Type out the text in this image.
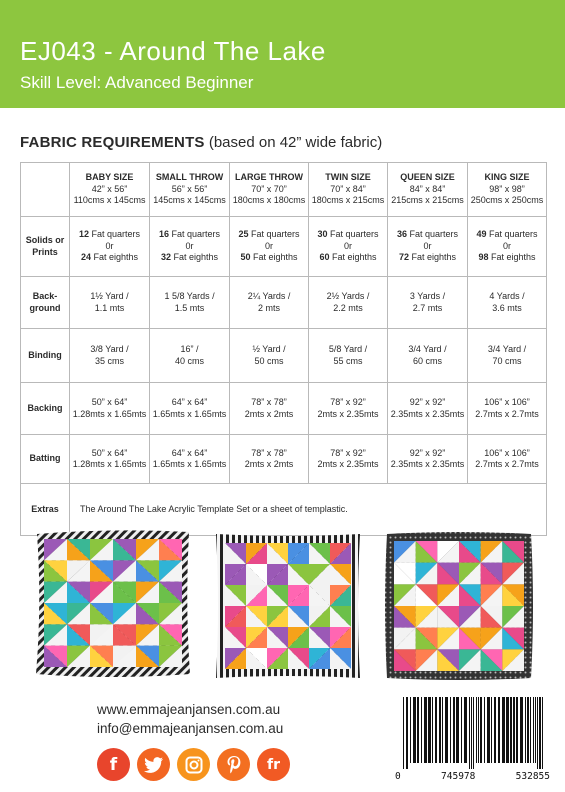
EJ043 - Around The Lake
Skill Level: Advanced Beginner
FABRIC REQUIREMENTS (based on 42” wide fabric)

	BABY SIZE
42” x 56”
110cms x 145cms	SMALL THROW
56” x 56”
145cms x 145cms	LARGE THROW
70” x 70”
180cms x 180cms	TWIN SIZE
70” x 84”
180cms x 215cms	QUEEN SIZE
84” x 84”
215cms x 215cms	KING SIZE
98” x 98”
250cms x 250cms
Solids or Prints	12 Fat quarters
0r
24 Fat eighths	16 Fat quarters
0r
32 Fat eighths	25 Fat quarters
0r
50 Fat eighths	30 Fat quarters
0r
60 Fat eighths	36 Fat quarters
0r
72 Fat eighths	49 Fat quarters
0r
98 Fat eighths
Back-ground	1½ Yard /
1.1 mts	1 5/8 Yards /
1.5 mts	2¼ Yards /
2 mts	2½ Yards /
2.2 mts	3 Yards /
2.7 mts	4 Yards /
3.6 mts
Binding	3/8 Yard /
35 cms	16” /
40 cms	½ Yard /
50 cms	5/8 Yard /
55 cms	3/4 Yard /
60 cms	3/4 Yard /
70 cms
Backing	50” x 64”
1.28mts x 1.65mts	64” x 64”
1.65mts x 1.65mts	78” x 78”
2mts x 2mts	78” x 92”
2mts x 2.35mts	92” x 92”
2.35mts x 2.35mts	106” x 106”
2.7mts x 2.7mts
Batting	50” x 64”
1.28mts x 1.65mts	64” x 64”
1.65mts x 1.65mts	78” x 78”
2mts x 2mts	78” x 92”
2mts x 2.35mts	92” x 92”
2.35mts x 2.35mts	106” x 106”
2.7mts x 2.7mts
Extras	The Around The Lake Acrylic Template Set or a sheet of templastic.					
www.emmajeanjansen.com.au
info@emmajeanjansen.com.au
f	fr
0	745978	532855
